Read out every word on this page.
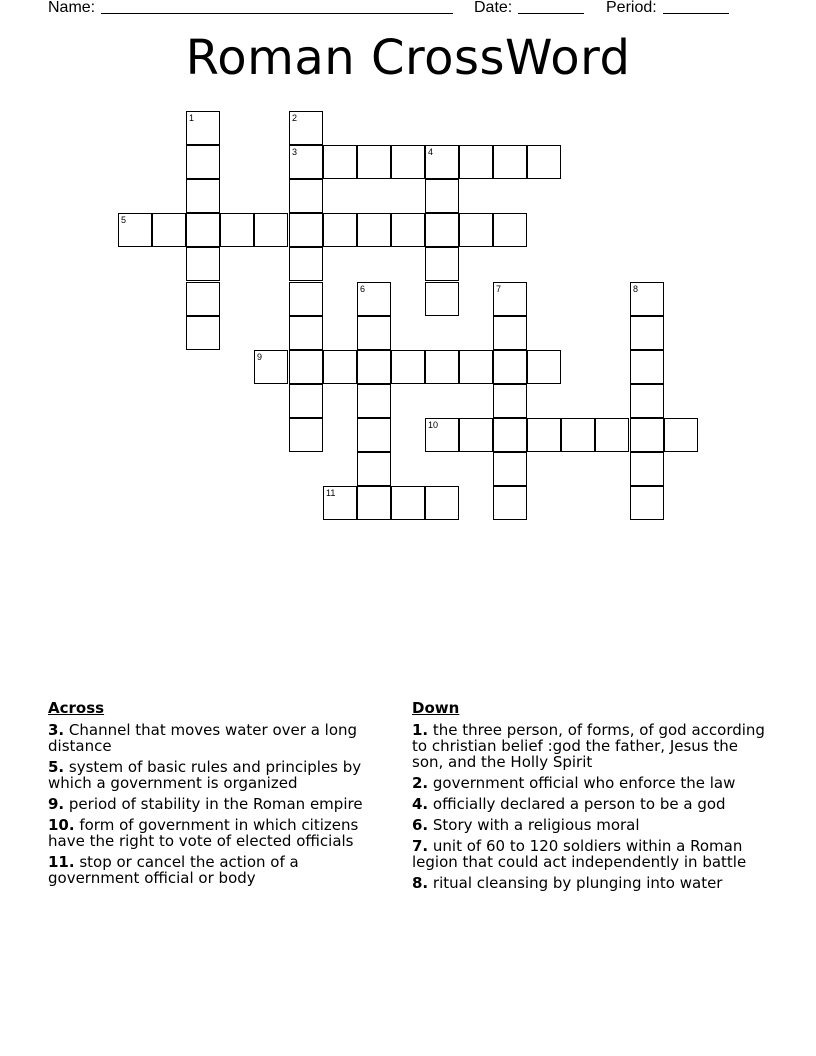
Name:	Date:	Period:
Roman CrossWord
1	2
3	4
5
6	7	8
9
10
11
Across
3. Channel that moves water over a long distance
5. system of basic rules and principles by which a government is organized
9. period of stability in the Roman empire
10. form of government in which citizens have the right to vote of elected officials
11. stop or cancel the action of a government official or body
Down
1. the three person, of forms, of god according to christian belief :god the father, Jesus the son, and the Holly Spirit
2. government official who enforce the law
4. officially declared a person to be a god
6. Story with a religious moral
7. unit of 60 to 120 soldiers within a Roman legion that could act independently in battle
8. ritual cleansing by plunging into water
